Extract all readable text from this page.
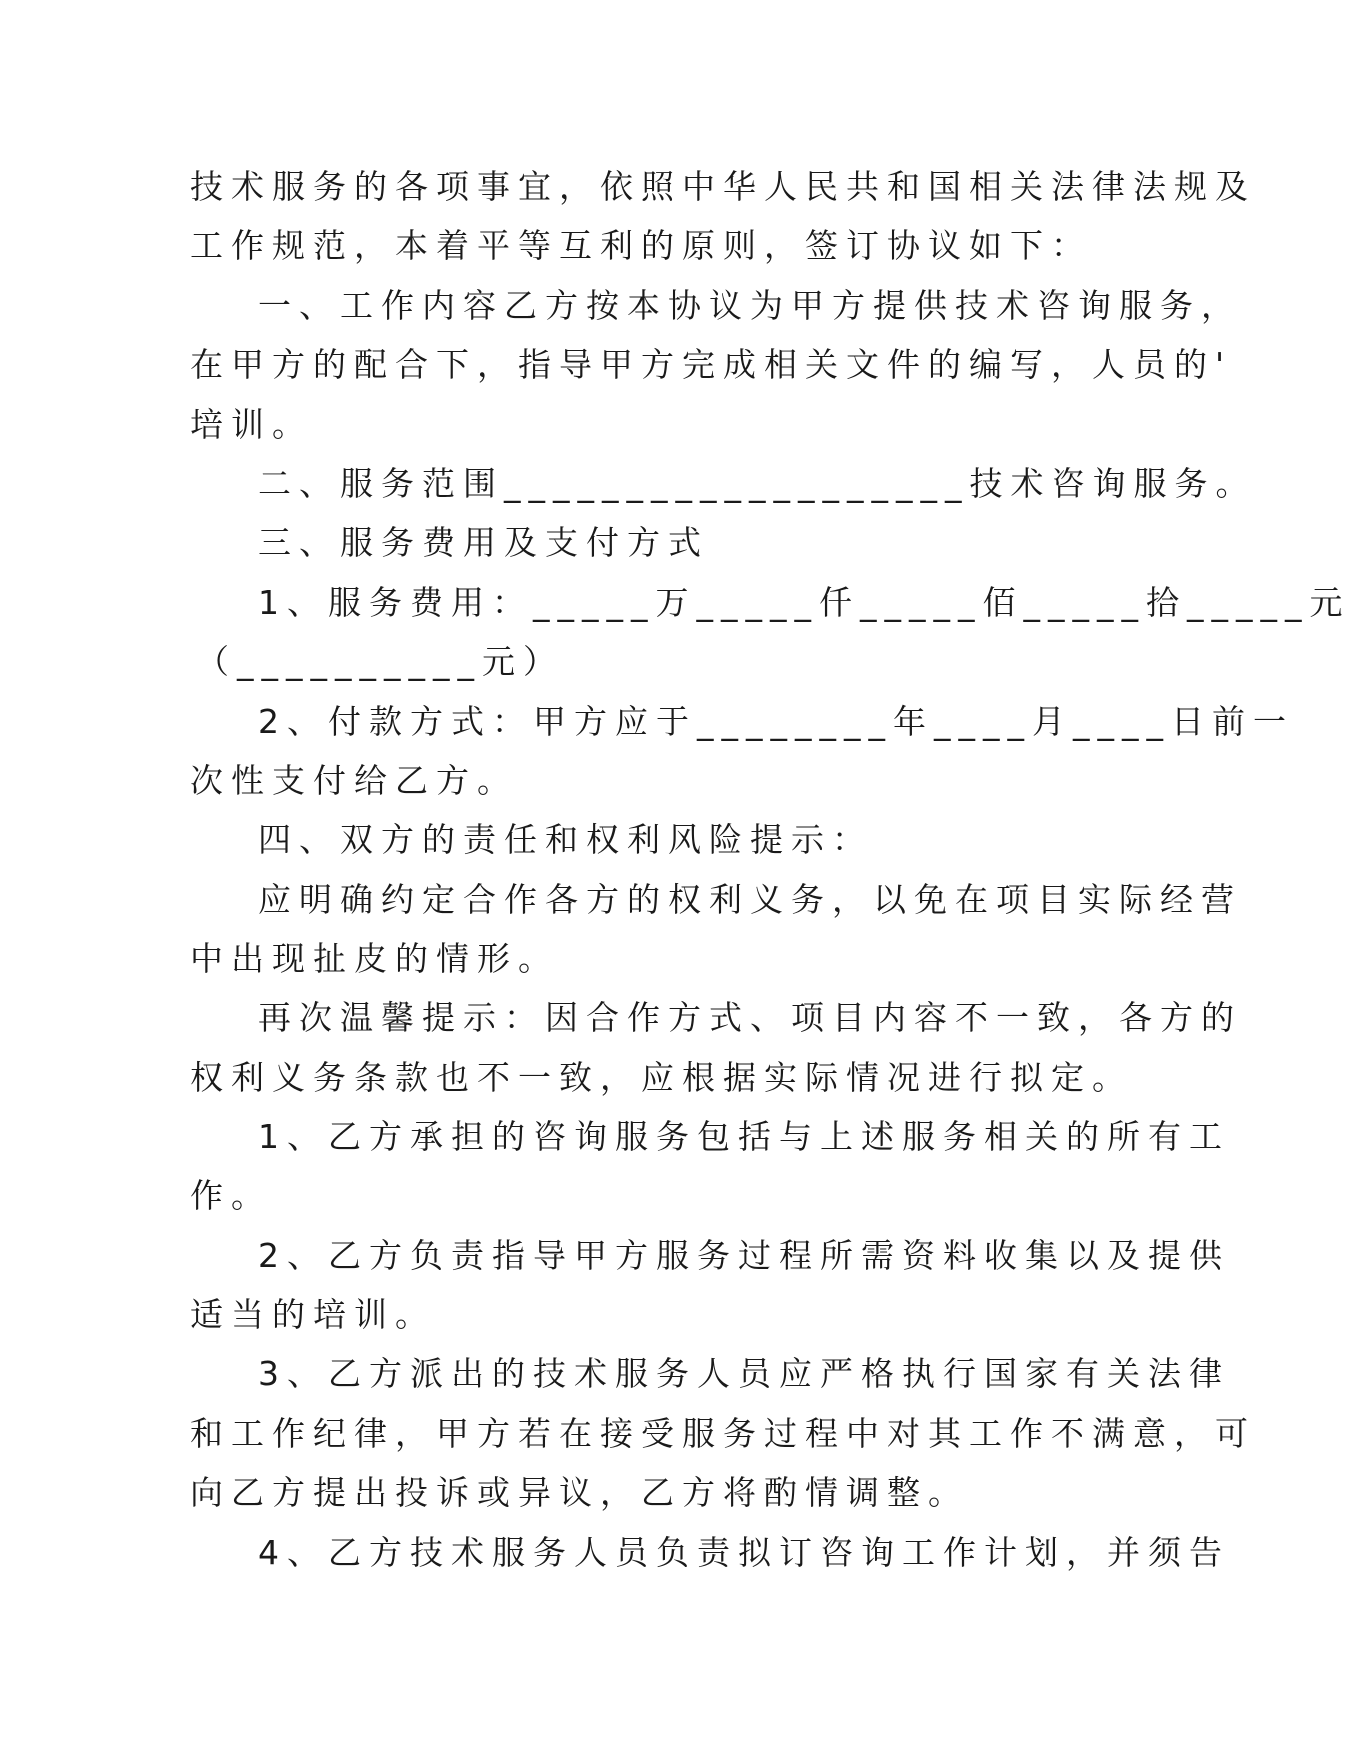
技术服务的各项事宜，依照中华人民共和国相关法律法规及
工作规范，本着平等互利的原则，签订协议如下：
一、工作内容乙方按本协议为甲方提供技术咨询服务，
在甲方的配合下，指导甲方完成相关文件的编写，人员的'
培训。
二、服务范围___________________技术咨询服务。
三、服务费用及支付方式
1、服务费用：_____万_____仟_____佰_____拾_____元
（__________元）
2、付款方式：甲方应于________年____月____日前一
次性支付给乙方。
四、双方的责任和权利风险提示：
应明确约定合作各方的权利义务，以免在项目实际经营
中出现扯皮的情形。
再次温馨提示：因合作方式、项目内容不一致，各方的
权利义务条款也不一致，应根据实际情况进行拟定。
1、乙方承担的咨询服务包括与上述服务相关的所有工
作。
2、乙方负责指导甲方服务过程所需资料收集以及提供
适当的培训。
3、乙方派出的技术服务人员应严格执行国家有关法律
和工作纪律，甲方若在接受服务过程中对其工作不满意，可
向乙方提出投诉或异议，乙方将酌情调整。
4、乙方技术服务人员负责拟订咨询工作计划，并须告
